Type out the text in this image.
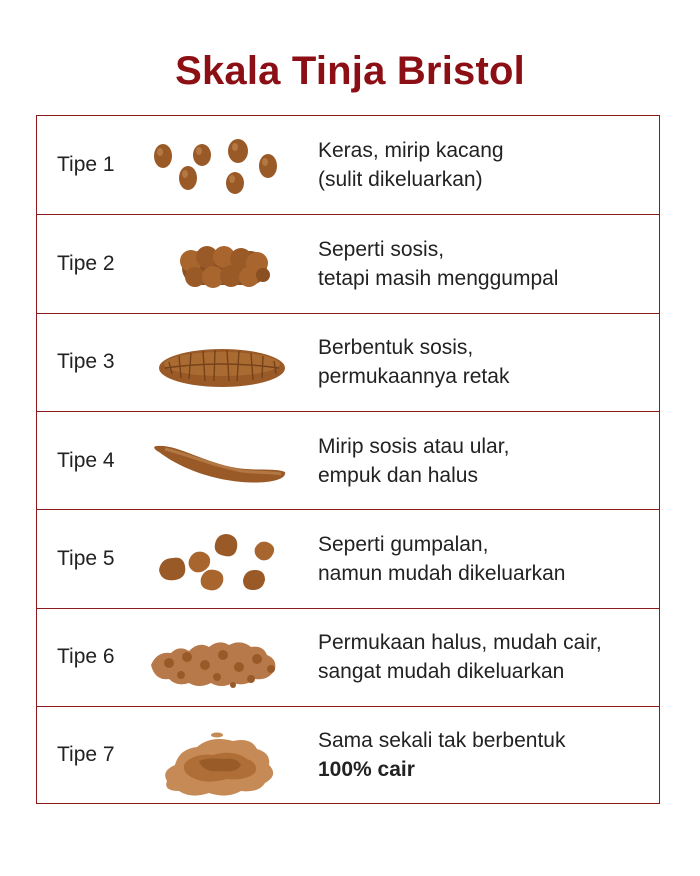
Skala Tinja Bristol
Tipe 1
Keras, mirip kacang
(sulit dikeluarkan)
Tipe 2
Seperti sosis,
tetapi masih menggumpal
Tipe 3
Berbentuk sosis,
permukaannya retak
Tipe 4
Mirip sosis atau ular,
empuk dan halus
Tipe 5
Seperti gumpalan,
namun mudah dikeluarkan
Tipe 6
Permukaan halus, mudah cair,
sangat mudah dikeluarkan
Tipe 7
Sama sekali tak berbentuk
100% cair
